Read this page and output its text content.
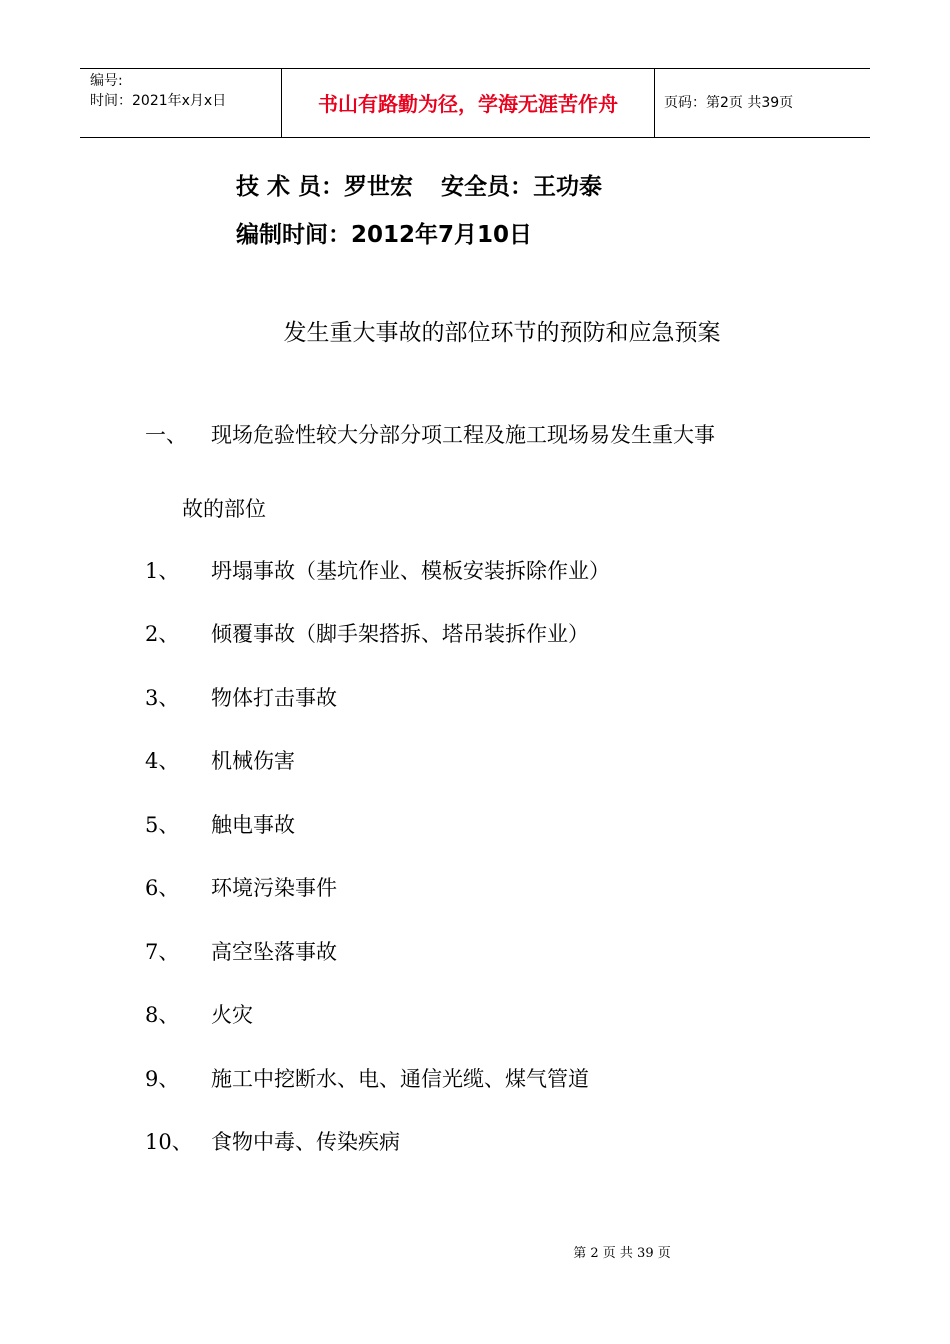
编号:
时间：2021年x月x日	书山有路勤为径，学海无涯苦作舟	页码：第2页 共39页
技 术 员：罗世宏 安全员：王功泰
编制时间：2012年7月10日
发生重大事故的部位环节的预防和应急预案
一、 现场危验性较大分部分项工程及施工现场易发生重大事
故的部位
1、 坍塌事故（基坑作业、模板安装拆除作业）
2、 倾覆事故（脚手架搭拆、塔吊装拆作业）
3、 物体打击事故
4、 机械伤害
5、 触电事故
6、 环境污染事件
7、 高空坠落事故
8、 火灾
9、 施工中挖断水、电、通信光缆、煤气管道
10、 食物中毒、传染疾病
第 2 页 共 39 页
